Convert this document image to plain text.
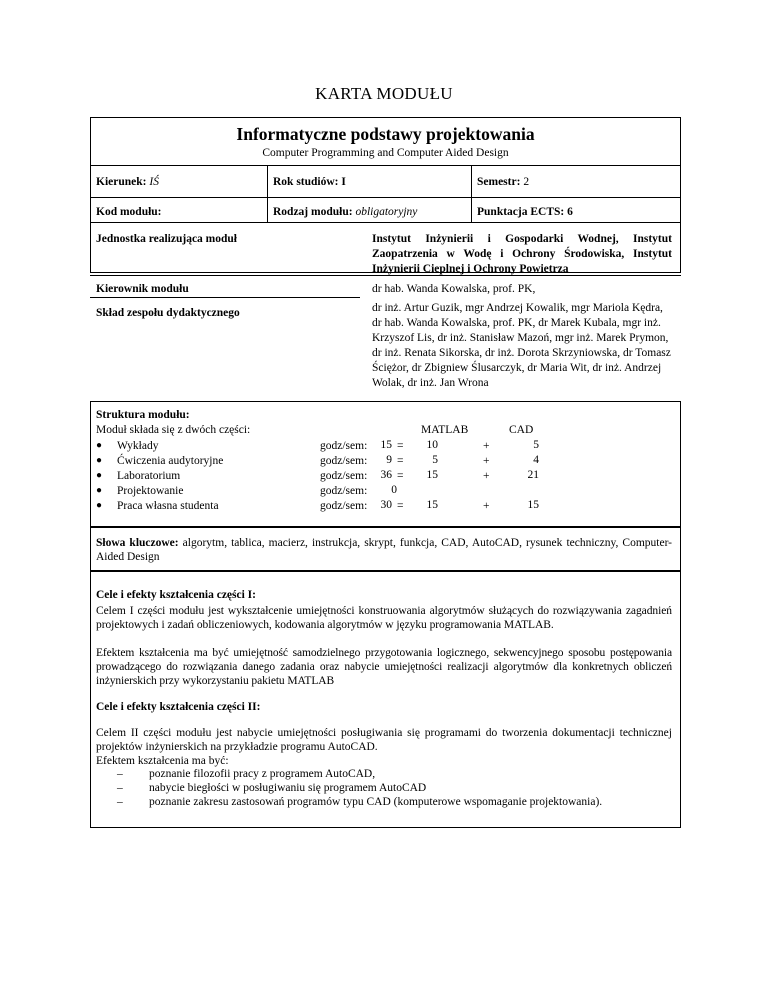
KARTA MODUŁU
Informatyczne podstawy projektowania
Computer Programming and Computer Aided Design
Kierunek: IŚ	Rok studiów: I	Semestr: 2
Kod modułu:	Rodzaj modułu: obligatoryjny	Punktacja ECTS: 6
Jednostka realizująca moduł	Instytut Inżynierii i Gospodarki Wodnej, Instytut Zaopatrzenia w Wodę i Ochrony Środowiska, Instytut Inżynierii Cieplnej i Ochrony Powietrza
Kierownik modułu	dr hab. Wanda Kowalska, prof. PK,
Skład zespołu dydaktycznego	dr inż. Artur Guzik, mgr Andrzej Kowalik, mgr Mariola Kędra, dr hab. Wanda Kowalska, prof. PK, dr Marek Kubala, mgr inż. Krzyszof Lis, dr inż. Stanisław Mazoń, mgr inż. Marek Prymon, dr inż. Renata Sikorska, dr inż. Dorota Skrzyniowska, dr Tomasz Ściężor, dr Zbigniew Ślusarczyk, dr Maria Wit, dr inż. Andrzej Wolak, dr inż. Jan Wrona
Struktura modułu:
Moduł składa się z dwóch części:	MATLAB	CAD
● Wykłady	godz/sem:	15 =	10	+	5
● Ćwiczenia audytoryjne	godz/sem:	9 =	5	+	4
● Laboratorium	godz/sem:	36 =	15	+	21
● Projektowanie	godz/sem:	0
● Praca własna studenta	godz/sem:	30 =	15	+	15
Słowa kluczowe: algorytm, tablica, macierz, instrukcja, skrypt, funkcja, CAD, AutoCAD, rysunek techniczny, Computer-Aided Design
Cele i efekty kształcenia części I:
Celem I części modułu jest wykształcenie umiejętności konstruowania algorytmów służących do rozwiązywania zagadnień projektowych i zadań obliczeniowych, kodowania algorytmów w języku programowania MATLAB.
Efektem kształcenia ma być umiejętność samodzielnego przygotowania logicznego, sekwencyjnego sposobu postępowania prowadzącego do rozwiązania danego zadania oraz nabycie umiejętności realizacji algorytmów dla konkretnych obliczeń inżynierskich przy wykorzystaniu pakietu MATLAB
Cele i efekty kształcenia części II:
Celem II części modułu jest nabycie umiejętności posługiwania się programami do tworzenia dokumentacji technicznej projektów inżynierskich na przykładzie programu AutoCAD.
Efektem kształcenia ma być:
– poznanie filozofii pracy z programem AutoCAD,
– nabycie biegłości w posługiwaniu się programem AutoCAD
– poznanie zakresu zastosowań programów typu CAD (komputerowe wspomaganie projektowania).
